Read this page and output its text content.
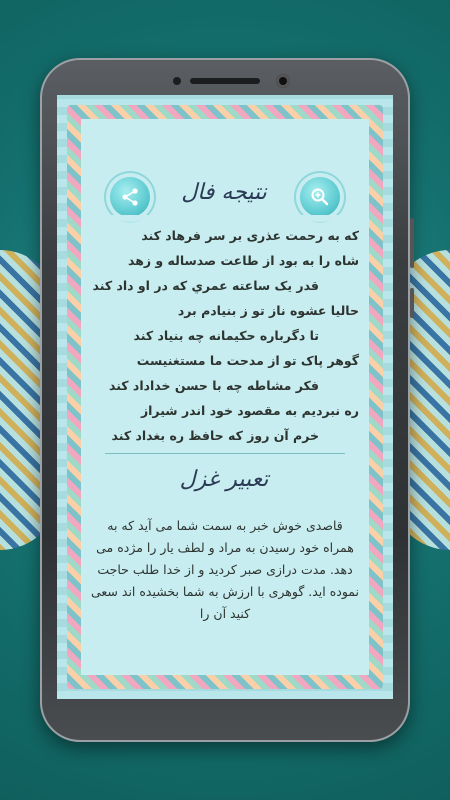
نتیجه فال
که به رحمت عذری بر سر فرهاد کند
شاه را به بود از طاعت صدساله و زهد
قدر یک ساعته عمري که در او داد کند
حاليا عشوه ناز تو ز بنيادم برد
تا دگرباره حكيمانه چه بنياد كند
گوهر پاک تو از مدحت ما مستغنیست
فکر مشاطه چه با حسن خداداد کند
ره نبرديم به مقصود خود اندر شيراز
خرم آن روز كه حافظ ره بغداد كند
تعبیر غزل
قاصدی خوش خبر به سمت شما می آید که به همراه خود رسیدن به مراد و لطف یار را مژده می دهد. مدت درازی صبر کردید و از خدا طلب حاجت نموده اید. گوهری با ارزش به شما بخشیده اند سعی کنید آن را
